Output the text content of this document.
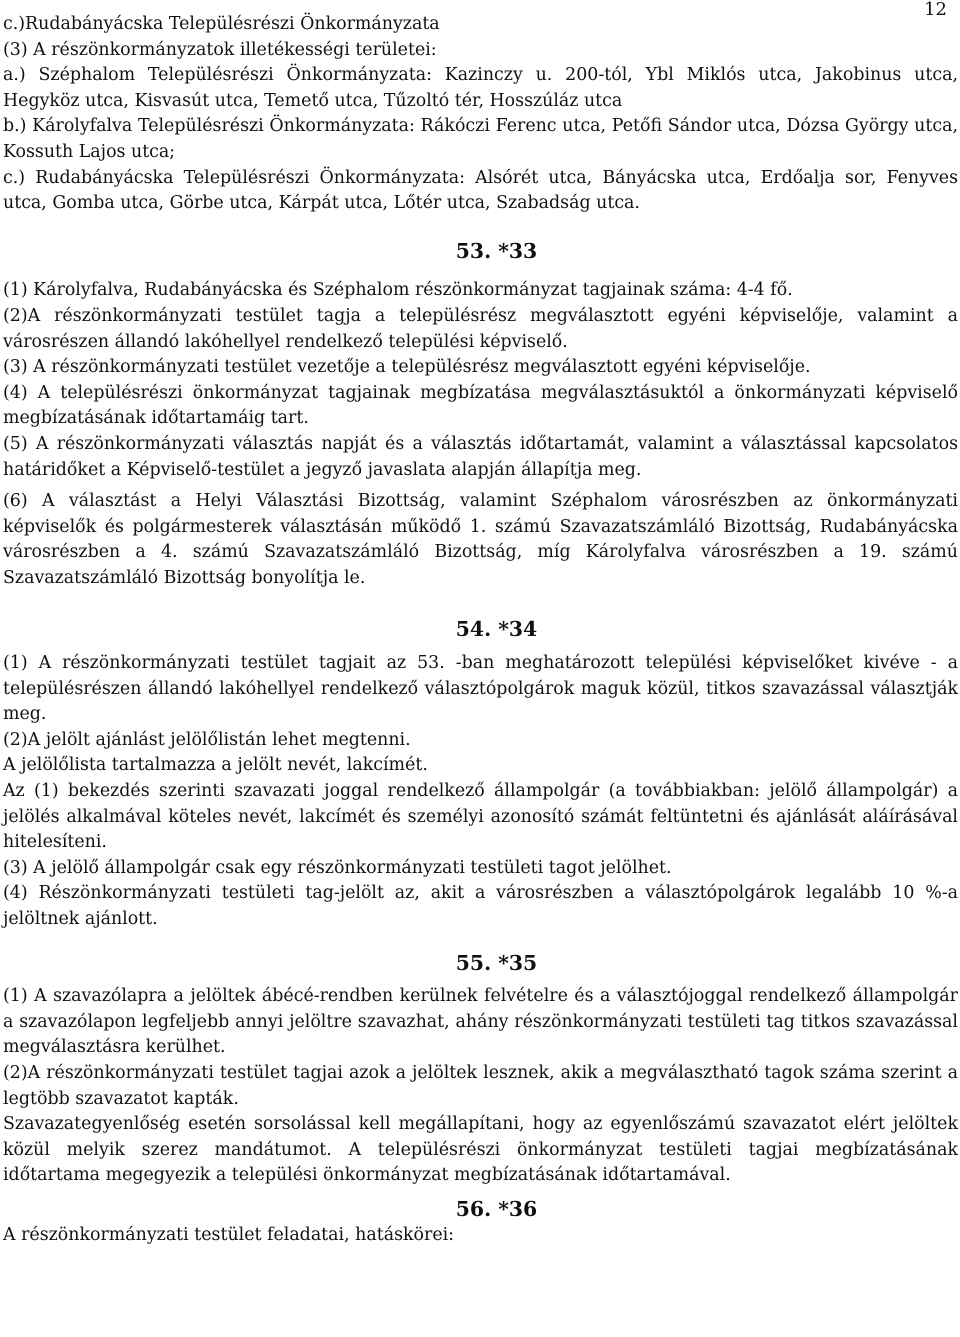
12

c.)Rudabányácska Településrészi Önkormányzata

(3) A részönkormányzatok illetékességi területei:

a.) Széphalom Településrészi Önkormányzata: Kazinczy u. 200-tól, Ybl Miklós utca, Jakobinus utca, Hegyköz utca, Kisvasút utca, Temető utca, Tűzoltó tér, Hosszúláz utca

b.) Károlyfalva Településrészi Önkormányzata: Rákóczi Ferenc utca, Petőfi Sándor utca, Dózsa György utca, Kossuth Lajos utca;

c.) Rudabányácska Településrészi Önkormányzata: Alsórét utca, Bányácska utca, Erdőalja sor, Fenyves utca, Gomba utca, Görbe utca, Kárpát utca, Lőtér utca, Szabadság utca.

53. *33

(1) Károlyfalva, Rudabányácska és Széphalom részönkormányzat tagjainak száma: 4-4 fő.

(2)A részönkormányzati testület tagja a településrész megválasztott egyéni képviselője, valamint a városrészen állandó lakóhellyel rendelkező települési képviselő.

(3) A részönkormányzati testület vezetője a településrész megválasztott egyéni képviselője.

(4) A településrészi önkormányzat tagjainak megbízatása megválasztásuktól a önkormányzati képviselő megbízatásának időtartamáig tart.

(5) A részönkormányzati választás napját és a választás időtartamát, valamint a választással kapcsolatos határidőket a Képviselő-testület a jegyző javaslata alapján állapítja meg.

(6) A választást a Helyi Választási Bizottság, valamint Széphalom városrészben az önkormányzati képviselők és polgármesterek választásán működő 1. számú Szavazatszámláló Bizottság, Rudabányácska városrészben a 4. számú Szavazatszámláló Bizottság, míg Károlyfalva városrészben a 19. számú Szavazatszámláló Bizottság bonyolítja le.

54. *34

(1) A részönkormányzati testület tagjait az 53. -ban meghatározott települési képviselőket kivéve - a településrészen állandó lakóhellyel rendelkező választópolgárok maguk közül, titkos szavazással választják meg.

(2)A jelölt ajánlást jelölőlistán lehet megtenni.

A jelölőlista tartalmazza a jelölt nevét, lakcímét.

Az (1) bekezdés szerinti szavazati joggal rendelkező állampolgár (a továbbiakban: jelölő állampolgár) a jelölés alkalmával köteles nevét, lakcímét és személyi azonosító számát feltüntetni és ajánlását aláírásával hitelesíteni.

(3) A jelölő állampolgár csak egy részönkormányzati testületi tagot jelölhet.

(4) Részönkormányzati testületi tag-jelölt az, akit a városrészben a választópolgárok legalább 10 %-a jelöltnek ajánlott.

55. *35

(1) A szavazólapra a jelöltek ábécé-rendben kerülnek felvételre és a választójoggal rendelkező állampolgár a szavazólapon legfeljebb annyi jelöltre szavazhat, ahány részönkormányzati testületi tag titkos szavazással megválasztásra kerülhet.

(2)A részönkormányzati testület tagjai azok a jelöltek lesznek, akik a megválasztható tagok száma szerint a legtöbb szavazatot kapták.

Szavazategyenlőség esetén sorsolással kell megállapítani, hogy az egyenlőszámú szavazatot elért jelöltek közül melyik szerez mandátumot. A településrészi önkormányzat testületi tagjai megbízatásának időtartama megegyezik a települési önkormányzat megbízatásának időtartamával.

56. *36

A részönkormányzati testület feladatai, hatáskörei:
